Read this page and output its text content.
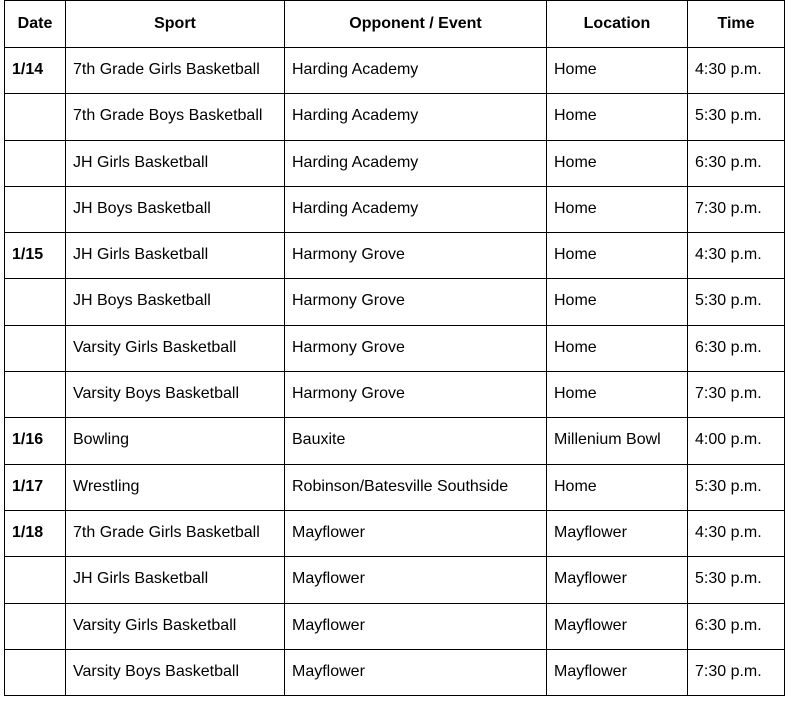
Date	Sport	Opponent / Event	Location	Time
1/14	7th Grade Girls Basketball	Harding Academy	Home	4:30 p.m.
	7th Grade Boys Basketball	Harding Academy	Home	5:30 p.m.
	JH Girls Basketball	Harding Academy	Home	6:30 p.m.
	JH Boys Basketball	Harding Academy	Home	7:30 p.m.
1/15	JH Girls Basketball	Harmony Grove	Home	4:30 p.m.
	JH Boys Basketball	Harmony Grove	Home	5:30 p.m.
	Varsity Girls Basketball	Harmony Grove	Home	6:30 p.m.
	Varsity Boys Basketball	Harmony Grove	Home	7:30 p.m.
1/16	Bowling	Bauxite	Millenium Bowl	4:00 p.m.
1/17	Wrestling	Robinson/Batesville Southside	Home	5:30 p.m.
1/18	7th Grade Girls Basketball	Mayflower	Mayflower	4:30 p.m.
	JH Girls Basketball	Mayflower	Mayflower	5:30 p.m.
	Varsity Girls Basketball	Mayflower	Mayflower	6:30 p.m.
	Varsity Boys Basketball	Mayflower	Mayflower	7:30 p.m.
